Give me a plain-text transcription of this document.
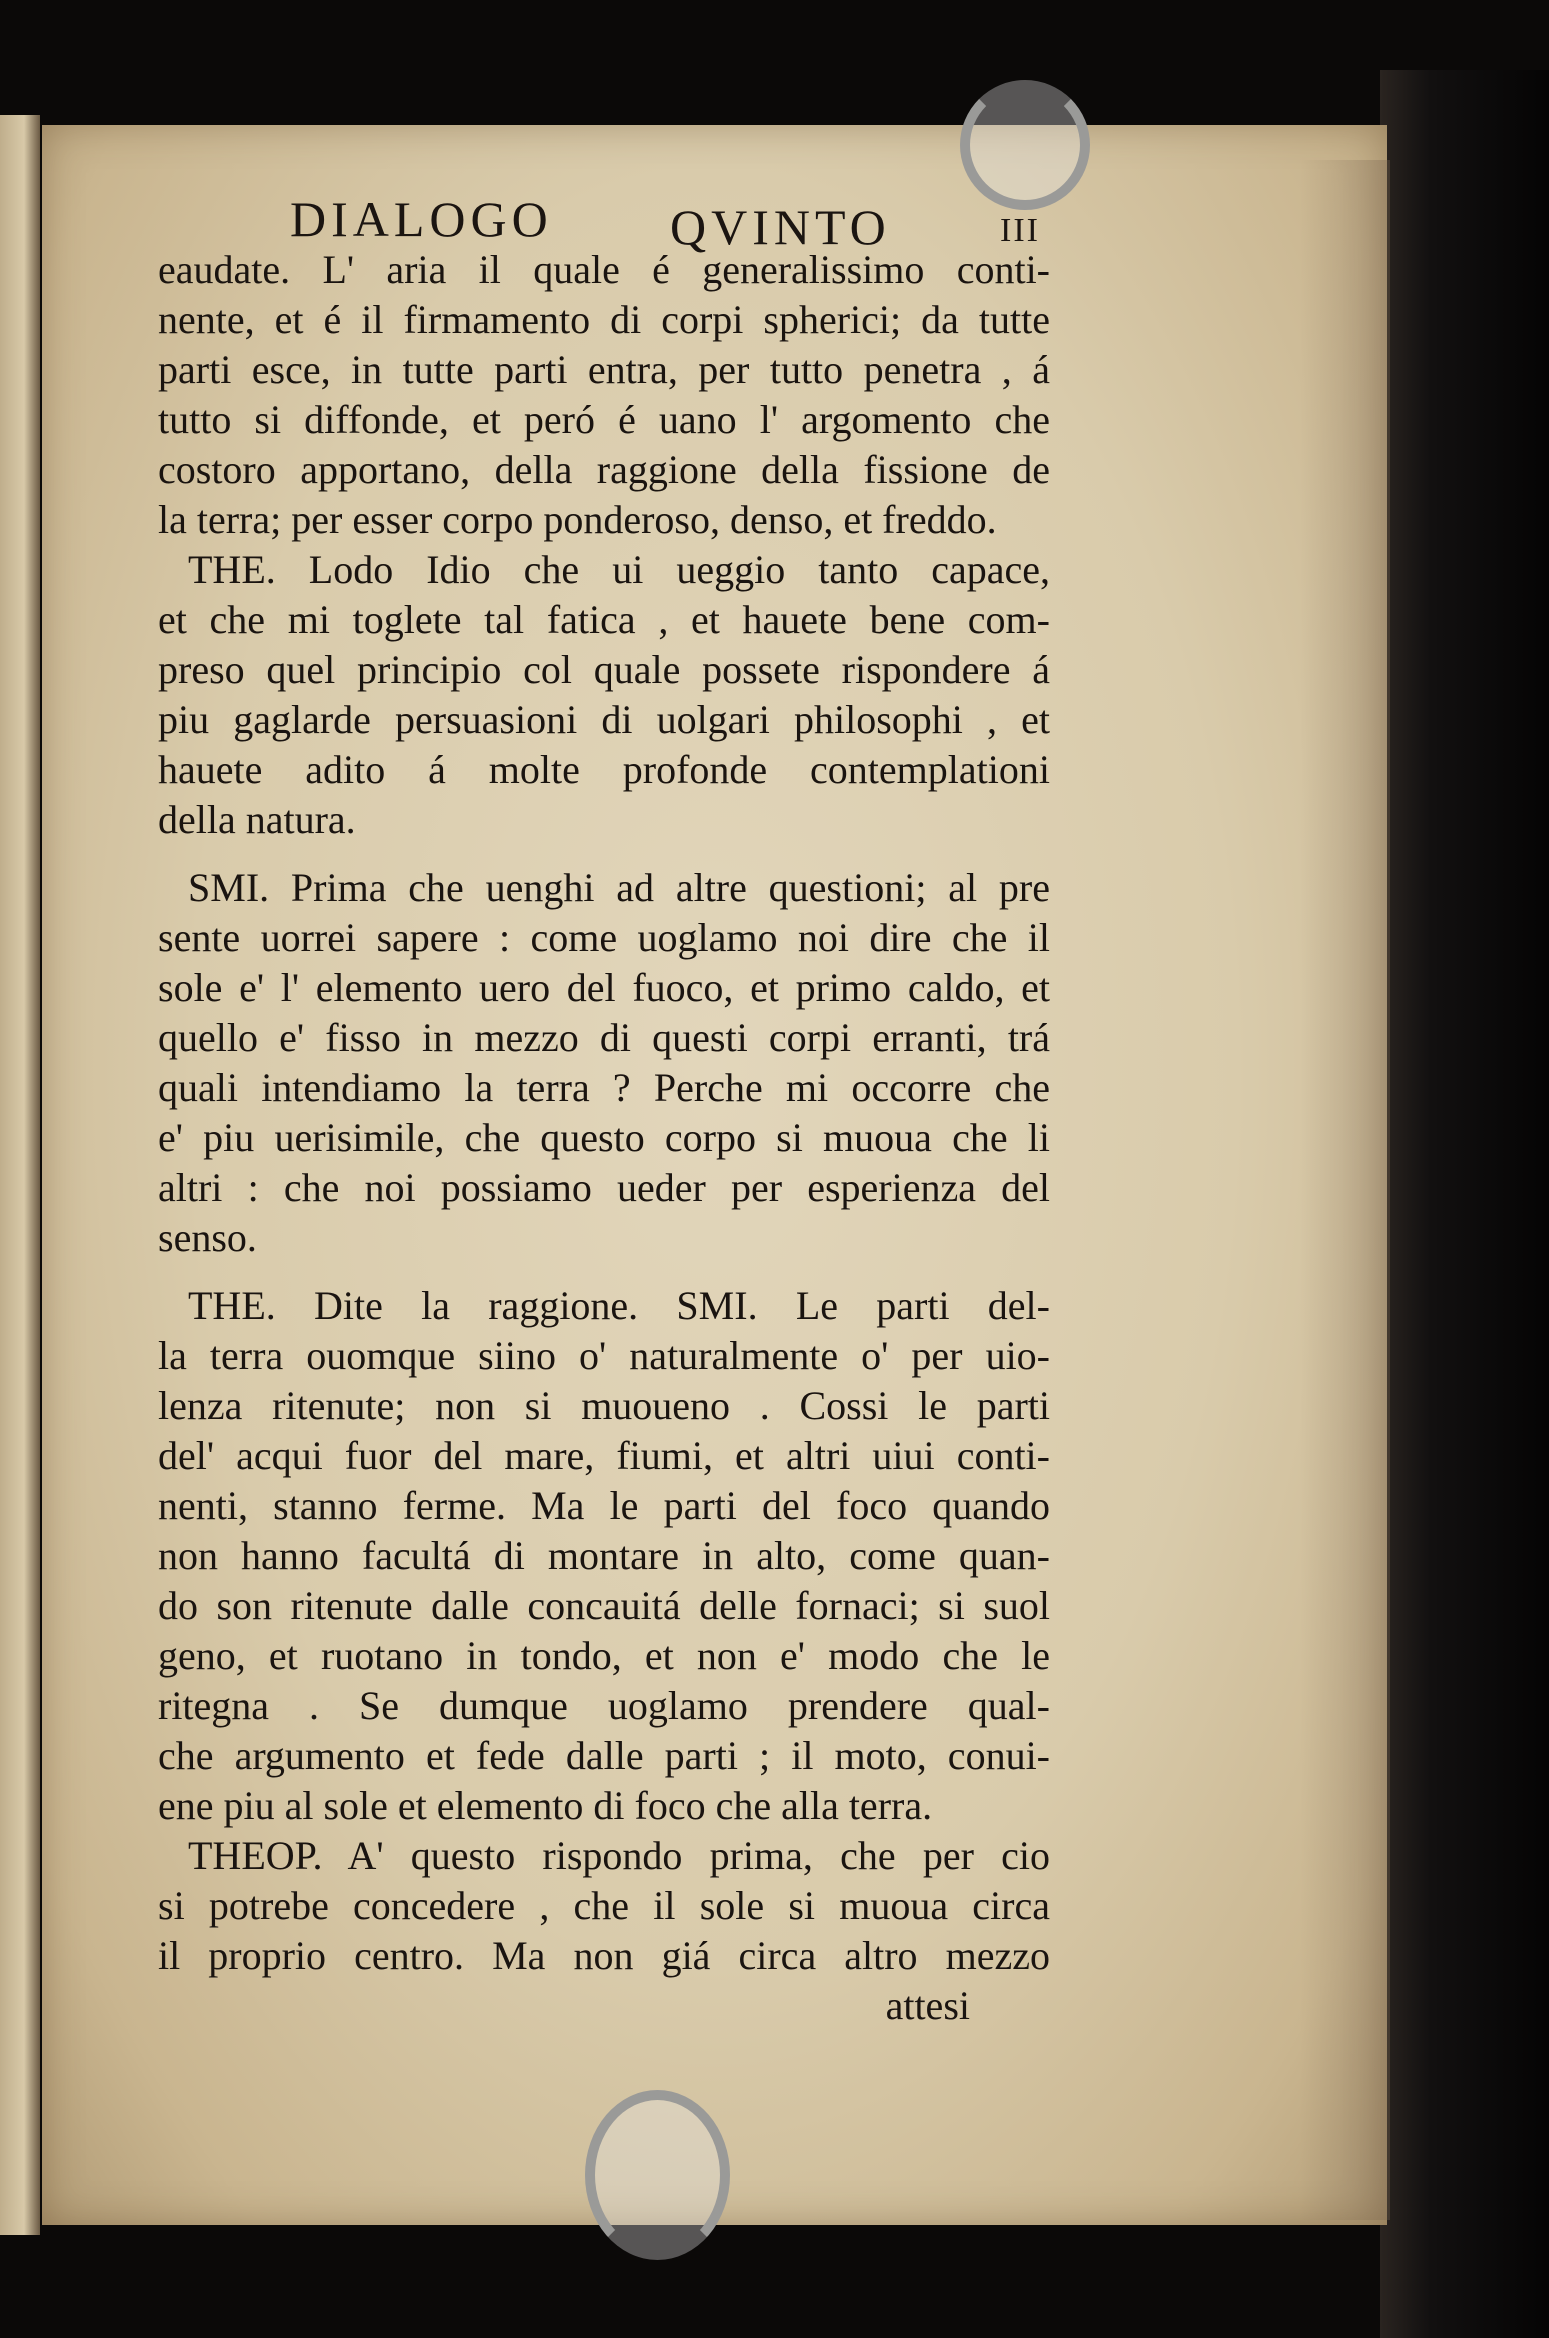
DIALOGO QVINTO	III
eaudate. L' aria il quale é generalissimo conti-
nente, et é il firmamento di corpi spherici; da tutte
parti esce, in tutte parti entra, per tutto penetra , á
tutto si diffonde, et peró é uano l' argomento che
costoro apportano, della raggione della fissione de
la terra; per esser corpo ponderoso, denso, et freddo.
THE. Lodo Idio che ui ueggio tanto capace,
et che mi toglete tal fatica , et hauete bene com-
preso quel principio col quale possete rispondere á
piu gaglarde persuasioni di uolgari philosophi , et
hauete adito á molte profonde contemplationi
della natura.
SMI. Prima che uenghi ad altre questioni; al pre
sente uorrei sapere : come uoglamo noi dire che il
sole e' l' elemento uero del fuoco, et primo caldo, et
quello e' fisso in mezzo di questi corpi erranti, trá
quali intendiamo la terra ? Perche mi occorre che
e' piu uerisimile, che questo corpo si muoua che li
altri : che noi possiamo ueder per esperienza del
senso.
THE. Dite la raggione. SMI. Le parti del-
la terra ouomque siino o' naturalmente o' per uio-
lenza ritenute; non si muoueno . Cossi le parti
del' acqui fuor del mare, fiumi, et altri uiui conti-
nenti, stanno ferme. Ma le parti del foco quando
non hanno facultá di montare in alto, come quan-
do son ritenute dalle concauitá delle fornaci; si suol
geno, et ruotano in tondo, et non e' modo che le
ritegna . Se dumque uoglamo prendere qual-
che argumento et fede dalle parti ; il moto, conui-
ene piu al sole et elemento di foco che alla terra.
THEOP. A' questo rispondo prima, che per cio
si potrebe concedere , che il sole si muoua circa
il proprio centro. Ma non giá circa altro mezzo
attesi
